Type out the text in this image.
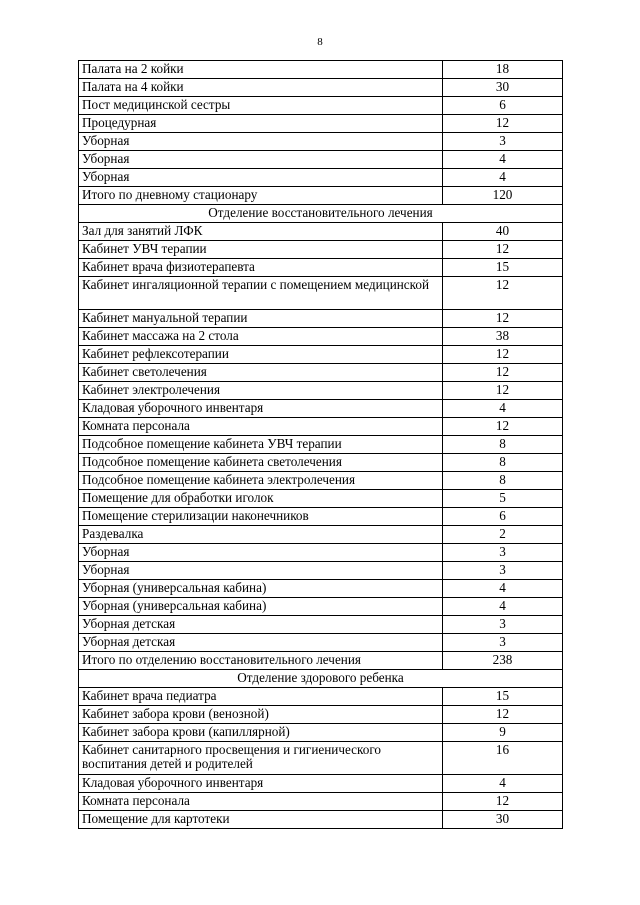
8
Палата на 2 койки	18
Палата на 4 койки	30
Пост медицинской сестры	6
Процедурная	12
Уборная	3
Уборная	4
Уборная	4
Итого по дневному стационару	120
Отделение восстановительного лечения	
Зал для занятий ЛФК	40
Кабинет УВЧ терапии	12
Кабинет врача физиотерапевта	15
Кабинет ингаляционной терапии с помещением медицинской	12
Кабинет мануальной терапии	12
Кабинет массажа на 2 стола	38
Кабинет рефлексотерапии	12
Кабинет светолечения	12
Кабинет электролечения	12
Кладовая уборочного инвентаря	4
Комната персонала	12
Подсобное помещение кабинета УВЧ терапии	8
Подсобное помещение кабинета светолечения	8
Подсобное помещение кабинета электролечения	8
Помещение для обработки иголок	5
Помещение стерилизации наконечников	6
Раздевалка	2
Уборная	3
Уборная	3
Уборная (универсальная кабина)	4
Уборная (универсальная кабина)	4
Уборная детская	3
Уборная детская	3
Итого по отделению восстановительного лечения	238
Отделение здорового ребенка	
Кабинет врача педиатра	15
Кабинет забора крови (венозной)	12
Кабинет забора крови (капиллярной)	9
Кабинет санитарного просвещения и гигиенического воспитания детей и родителей	16
Кладовая уборочного инвентаря	4
Комната персонала	12
Помещение для картотеки	30
